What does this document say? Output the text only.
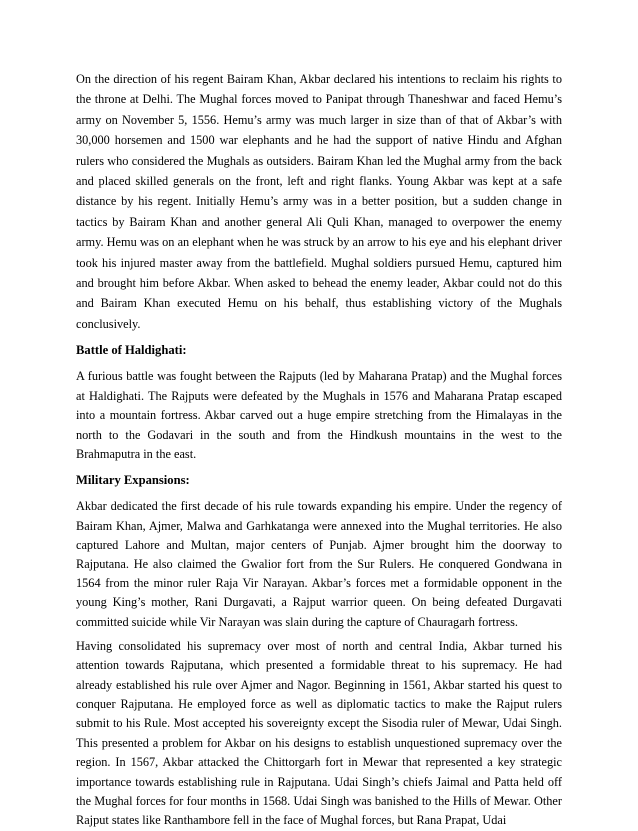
On the direction of his regent Bairam Khan, Akbar declared his intentions to reclaim his rights to the throne at Delhi. The Mughal forces moved to Panipat through Thaneshwar and faced Hemu’s army on November 5, 1556. Hemu’s army was much larger in size than of that of Akbar’s with 30,000 horsemen and 1500 war elephants and he had the support of native Hindu and Afghan rulers who considered the Mughals as outsiders. Bairam Khan led the Mughal army from the back and placed skilled generals on the front, left and right flanks. Young Akbar was kept at a safe distance by his regent. Initially Hemu’s army was in a better position, but a sudden change in tactics by Bairam Khan and another general Ali Quli Khan, managed to overpower the enemy army. Hemu was on an elephant when he was struck by an arrow to his eye and his elephant driver took his injured master away from the battlefield. Mughal soldiers pursued Hemu, captured him and brought him before Akbar. When asked to behead the enemy leader, Akbar could not do this and Bairam Khan executed Hemu on his behalf, thus establishing victory of the Mughals conclusively.

Battle of Haldighati:

A furious battle was fought between the Rajputs (led by Maharana Pratap) and the Mughal forces at Haldighati. The Rajputs were defeated by the Mughals in 1576 and Maharana Pratap escaped into a mountain fortress. Akbar carved out a huge empire stretching from the Himalayas in the north to the Godavari in the south and from the Hindkush mountains in the west to the Brahmaputra in the east.

Military Expansions:

Akbar dedicated the first decade of his rule towards expanding his empire. Under the regency of Bairam Khan, Ajmer, Malwa and Garhkatanga were annexed into the Mughal territories. He also captured Lahore and Multan, major centers of Punjab. Ajmer brought him the doorway to Rajputana. He also claimed the Gwalior fort from the Sur Rulers. He conquered Gondwana in 1564 from the minor ruler Raja Vir Narayan. Akbar’s forces met a formidable opponent in the young King’s mother, Rani Durgavati, a Rajput warrior queen. On being defeated Durgavati committed suicide while Vir Narayan was slain during the capture of Chauragarh fortress.

Having consolidated his supremacy over most of north and central India, Akbar turned his attention towards Rajputana, which presented a formidable threat to his supremacy. He had already established his rule over Ajmer and Nagor. Beginning in 1561, Akbar started his quest to conquer Rajputana. He employed force as well as diplomatic tactics to make the Rajput rulers submit to his Rule. Most accepted his sovereignty except the Sisodia ruler of Mewar, Udai Singh. This presented a problem for Akbar on his designs to establish unquestioned supremacy over the region. In 1567, Akbar attacked the Chittorgarh fort in Mewar that represented a key strategic importance towards establishing rule in Rajputana. Udai Singh’s chiefs Jaimal and Patta held off the Mughal forces for four months in 1568. Udai Singh was banished to the Hills of Mewar. Other Rajput states like Ranthambore fell in the face of Mughal forces, but Rana Prapat, Udai
